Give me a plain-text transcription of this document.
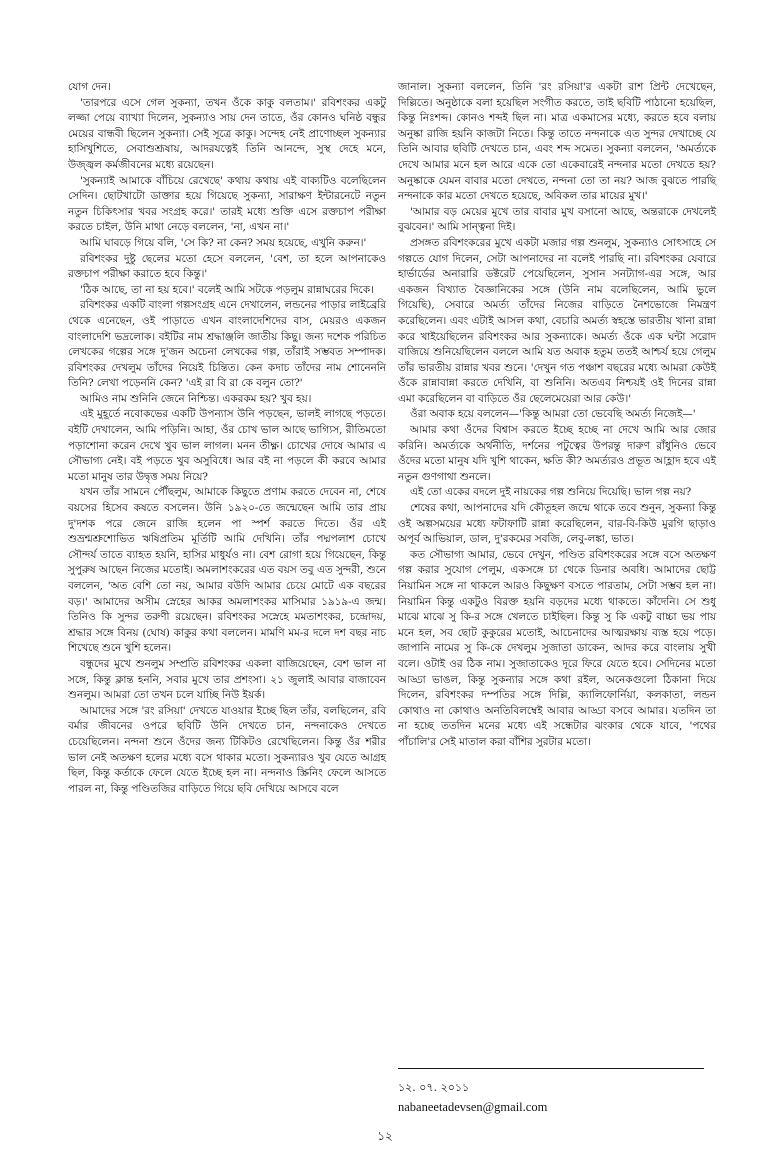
যোগ দেন।

'তারপরে এসে গেল সুকন্যা, তখন ওঁকে কাকু বলতাম।' রবিশংকর একটু লজ্জা পেয়ে ব্যাখ্যা দিলেন, সুকন্যাও সায় দেন তাতে, ওঁর কোনও ঘনিষ্ঠ বন্ধুর মেয়ের বান্ধবী ছিলেন সুকন্যা। সেই সূত্রে কাকু। সন্দেহ নেই প্রাণোচ্ছল সুকন্যার হাসিখুশিতে, সেবাশুশ্রূষায়, আদরযত্নেই তিনি আনন্দে, সুস্থ দেহে মনে, উজ্জ্বল কর্মজীবনের মধ্যে রয়েছেন।

'সুকন্যাই আমাকে বাঁচিয়ে রেখেছে' কথায় কথায় এই বাক্যটিও বলেছিলেন সেদিন। ছোটখাটো ডাক্তার হয়ে গিয়েছে সুকন্যা, সারাক্ষণ ইন্টারনেটে নতুন নতুন চিকিৎসার খবর সংগ্রহ করে।' তারই মধ্যে শুক্তি এসে রক্তচাপ পরীক্ষা করতে চাইল, উনি মাথা নেড়ে বললেন, 'না, এখন না।'

আমি ঘাবড়ে গিয়ে বলি, 'সে কি? না কেন? সময় হয়েছে, এখুনি করুন।'

রবিশংকর দুষ্টু ছেলের মতো হেসে বললেন, 'বেশ, তা হলে আপনাকেও রক্তচাপ পরীক্ষা করাতে হবে কিন্তু।'

'ঠিক আছে, তা না হয় হবে।' বলেই আমি সটকে পড়লুম রান্নাঘরের দিকে।

রবিশংকর একটি বাংলা গল্পসংগ্রহ এনে দেখালেন, লন্ডনের পাড়ার লাইব্রেরি থেকে এনেছেন, ওই পাড়াতে এখন বাংলাদেশিদের বাস, মেয়রও একজন বাংলাদেশি ভদ্রলোক। বইটির নাম শ্রদ্ধাঞ্জলি জাতীয় কিছু। জন্য দশেক পরিচিত লেখকের গল্পের সঙ্গে দু'জন অচেনা লেখকের গল্প, তাঁরাই সম্ভবত সম্পাদক। রবিশংকর দেখলুম তাঁদের নিয়েই চিন্তিত। কেন কদাচ তাঁদের নাম শোনেননি তিনি? লেখা পড়েননি কেন? 'এই রা বি রা কে বলুন তো?'

আমিও নাম শুনিনি জেনে নিশ্চিন্ত। একরকম হয়? খুব হয়।

এই মুহূর্তে নবোকভের একটি উপন্যাস উনি পড়ছেন, ভালই লাগছে পড়তে। বইটি দেখালেন, আমি পড়িনি। আহা, ওঁর চোখ ভাল আছে ভাগ্যিস, রীতিমতো পড়াশোনা করেন দেখে খুব ভাল লাগল। মনন তীক্ষ্ণ। চোখের দোষে আমার এ সৌভাগ্য নেই। বই পড়তে খুব অসুবিধে। আর বই না পড়লে কী করবে আমার মতো মানুষ তার উদ্বৃত্ত সময় নিয়ে?

যখন তাঁর সামনে পৌঁছলুম, আমাকে কিছুতে প্রণাম করতে দেবেন না, শেষে বয়সের হিসেব কষতে বসলেন। উনি ১৯২০-তে জন্মেছেন আমি তার প্রায় দু'দশক পরে জেনে রাজি হলেন পা স্পর্শ করতে দিতে। ওঁর এই শুভ্রশ্মশ্রুশোভিত ঋষিপ্রতিম মূর্তিটি আমি দেখিনি। তাঁর পদ্মপলাশ চোখে সৌন্দর্য তাতে ব্যাহত হয়নি, হাসির মাধুর্যও না। বেশ রোগা হয়ে গিয়েছেন, কিন্তু সুপুরুষ আছেন নিজের মতোই। অমলাশংকরের এত বয়স তবু এত সুন্দরী, শুনে বললেন, 'অত বেশি তো নয়, আমার বউদি আমার চেয়ে মোটে এক বছরের বড়।' আমাদের অসীম স্নেহের আকর অমলাশংকর মাসিমার ১৯১৯-এ জন্ম। তিনিও কি সুন্দর তরুণী রয়েছেন। রবিশংকর সস্নেহে মমতাশংকর, চন্দ্রোদয়, শ্রদ্ধার সঙ্গে বিনয় (ঘোষ) কাকুর কথা বললেন। মামণি মম-র দলে দশ বছর নাচ শিখেছে শুনে খুশি হলেন।

বন্ধুদের মুখে শুনলুম সম্প্রতি রবিশংকর একলা বাজিয়েছেন, বেশ ভাল না সঙ্গে, কিন্তু ক্লান্ত হননি, সবার মুখে তার প্রশংসা। ২১ জুলাই আবার বাজাবেন শুনলুম। আমরা তো তখন চলে যাচ্ছি নিউ ইয়র্ক।

আমাদের সঙ্গে 'রং রসিয়া' দেখতে যাওয়ার ইচ্ছে ছিল তাঁর, বলছিলেন, রবি বর্মার জীবনের ওপরে ছবিটি উনি দেখতে চান, নন্দনাকেও দেখতে চেয়েছিলেন। নন্দনা শুনে ওঁদের জন্য টিকিটও রেখেছিলেন। কিন্তু ওঁর শরীর ভাল নেই অতক্ষণ হলের মধ্যে বসে থাকার মতো। সুকন্যারও খুব যেতে আগ্রহ ছিল, কিন্তু কর্তাকে ফেলে যেতে ইচ্ছে হল না। নন্দনাও স্ক্রিনিং ফেলে আসতে পারল না, কিন্তু পণ্ডিতজির বাড়িতে গিয়ে ছবি দেখিয়ে আসবে বলে

জানাল। সুকন্যা বললেন, তিনি 'রং রসিয়া'র একটা রাশ প্রিন্ট দেখেছেন, দিল্লিতে। অনুষ্ঠাকে বলা হয়েছিল সংগীত করতে, তাই ছবিটি পাঠানো হয়েছিল, কিন্তু নিঃশব্দ। কোনও শব্দই ছিল না। মাত্র একমাসের মধ্যে, করতে হবে বলায় অনুষ্কা রাজি হয়নি কাজটা নিতে। কিন্তু তাতে নন্দনাকে এত সুন্দর দেখাচ্ছে যে তিনি আবার ছবিটি দেখতে চান, এবং শব্দ সমেত। সুকন্যা বললেন, 'অমর্ত্যকে দেখে আমার মনে হল আরে একে তো একেবারেই নন্দনার মতো দেখতে হয়? অনুষ্কাকে যেমন বাবার মতো দেখতে, নন্দনা তো তা নয়? আজ বুঝতে পারছি নন্দনাকে কার মতো দেখতে হয়েছে, অবিকল তার মায়ের মুখ।'

'আমার বড় মেয়ের মুখে তার বাবার মুখ বসানো আছে, অন্তরাকে দেখলেই বুঝবেন।' আমি সান্ত্বনা দিই।

প্রসঙ্গত রবিশংকরের মুখে একটা মজার গল্প শুনলুম, সুকন্যাও সোৎসাহে সে গল্পতে যোগ দিলেন, সেটা আপনাদের না বলেই পারছি না। রবিশংকর যেবারে হার্ভার্ডের অনারারি ডক্টরেট পেয়েছিলেন, সুসান সনট্যাগ-এর সঙ্গে, আর একজন বিখ্যাত বৈজ্ঞানিকের সঙ্গে (উনি নাম বলেছিলেন, আমি ভুলে গিয়েছি), সেবারে অমর্ত্য তাঁদের নিজের বাড়িতে নৈশভোজে নিমন্ত্রণ করেছিলেন। এবং এটাই আসল কথা, বেচারি অমর্ত্য স্বহস্তে ভারতীয় খানা রান্না করে খাইয়েছিলেন রবিশংকর আর সুকন্যাকে। অমর্ত্য ওঁকে এক ঘন্টা সরোদ বাজিয়ে শুনিয়েছিলেন বললে আমি যত অবাক হতুম ততই আশ্চর্য হয়ে গেলুম তাঁর ভারতীয় রান্নার খবর শুনে। 'দেখুন গত পঞ্চাশ বছরের মধ্যে আমরা কেউই ওঁকে রান্নাবান্না করতে দেখিনি, বা শুনিনি। অতএব নিশ্চয়ই ওই দিনের রান্না এমা করেছিলেন বা বাড়িতে ওঁর ছেলেমেয়েরা আর কেউ।'

ওঁরা অবাক হয়ে বললেন—'কিন্তু আমরা তো ভেবেছি অমর্ত্য নিজেই—'

আমার কথা ওঁদের বিশ্বাস করতে ইচ্ছে হচ্ছে না দেখে আমি আর জোর করিনি। অমর্ত্যকে অর্থনীতি, দর্শনের পটুত্বের উপরন্তু দারুণ রাঁধুনিও ভেবে ওঁদের মতো মানুষ যদি খুশি থাকেন, ক্ষতি কী? অমর্ত্যরও প্রভূত আহ্লাদ হবে এই নতুন গুণগাথা শুনলে।

এই তো একের বদলে দুই নায়কের গল্প শুনিয়ে দিয়েছি। ভাল গল্প নয়?

শেষের কথা, আপনাদের যদি কৌতূহল জন্মে থাকে তবে শুনুন, সুকন্যা কিন্তু ওই অল্পসময়ের মধ্যে ফটাফাটি রান্না করেছিলেন, বার-বি-কিউ মুরগি ছাড়াও অপূর্ব আভিয়াল, ডাল, দু'রকমের সবজি, লেবু-লঙ্কা, ভাত।

কত সৌভাগ্য আমার, ভেবে দেখুন, পণ্ডিত রবিশংকরের সঙ্গে বসে অতক্ষণ গল্প করার সুযোগ পেলুম, একসঙ্গে চা থেকে ডিনার অবধি। আমাদের ছোট্ট নিয়ামিন সঙ্গে না থাকলে আরও কিছুক্ষণ বসতে পারতাম, সেটা সম্ভব হল না। নিয়ামিন কিন্তু একটুও বিরক্ত হয়নি বড়দের মধ্যে থাকতে। কাঁদেনি। সে শুধু মাঝে মাঝে সু কি-র সঙ্গে খেলতে চাইছিল। কিন্তু সু কি একটু বাচ্চা ভয় পায় মনে হল, সব ছোট কুকুরের মতোই, আচেনাদের আত্মরক্ষায় ব্যস্ত হয়ে পড়ে। জাপানি নামের সু কি-কে দেখলুম সুজাতা ডাকেন, আদর করে বাংলায় সুখী বলে। ওটাই ওর ঠিক নাম। সুজাতাকেও দূরে ফিরে যেতে হবে। সেদিনের মতো আড্ডা ভাঙল, কিন্তু সুকন্যার সঙ্গে কথা রইল, অনেকগুলো ঠিকানা দিয়ে দিলেন, রবিশংকর দম্পতির সঙ্গে দিল্লি, ক্যালিফোর্নিয়া, কলকাতা, লন্ডন কোথাও না কোথাও অনতিবিলম্বেই আবার আড্ডা বসবে আমার। যতদিন তা না হচ্ছে ততদিন মনের মধ্যে এই সন্ধেটার ঝংকার থেকে যাবে, 'পথের পাঁচালি'র সেই মাতাল করা বাঁশির সুরটার মতো।

১২. ০৭. ২০১১
nabaneetadevsen@gmail.com
১২
